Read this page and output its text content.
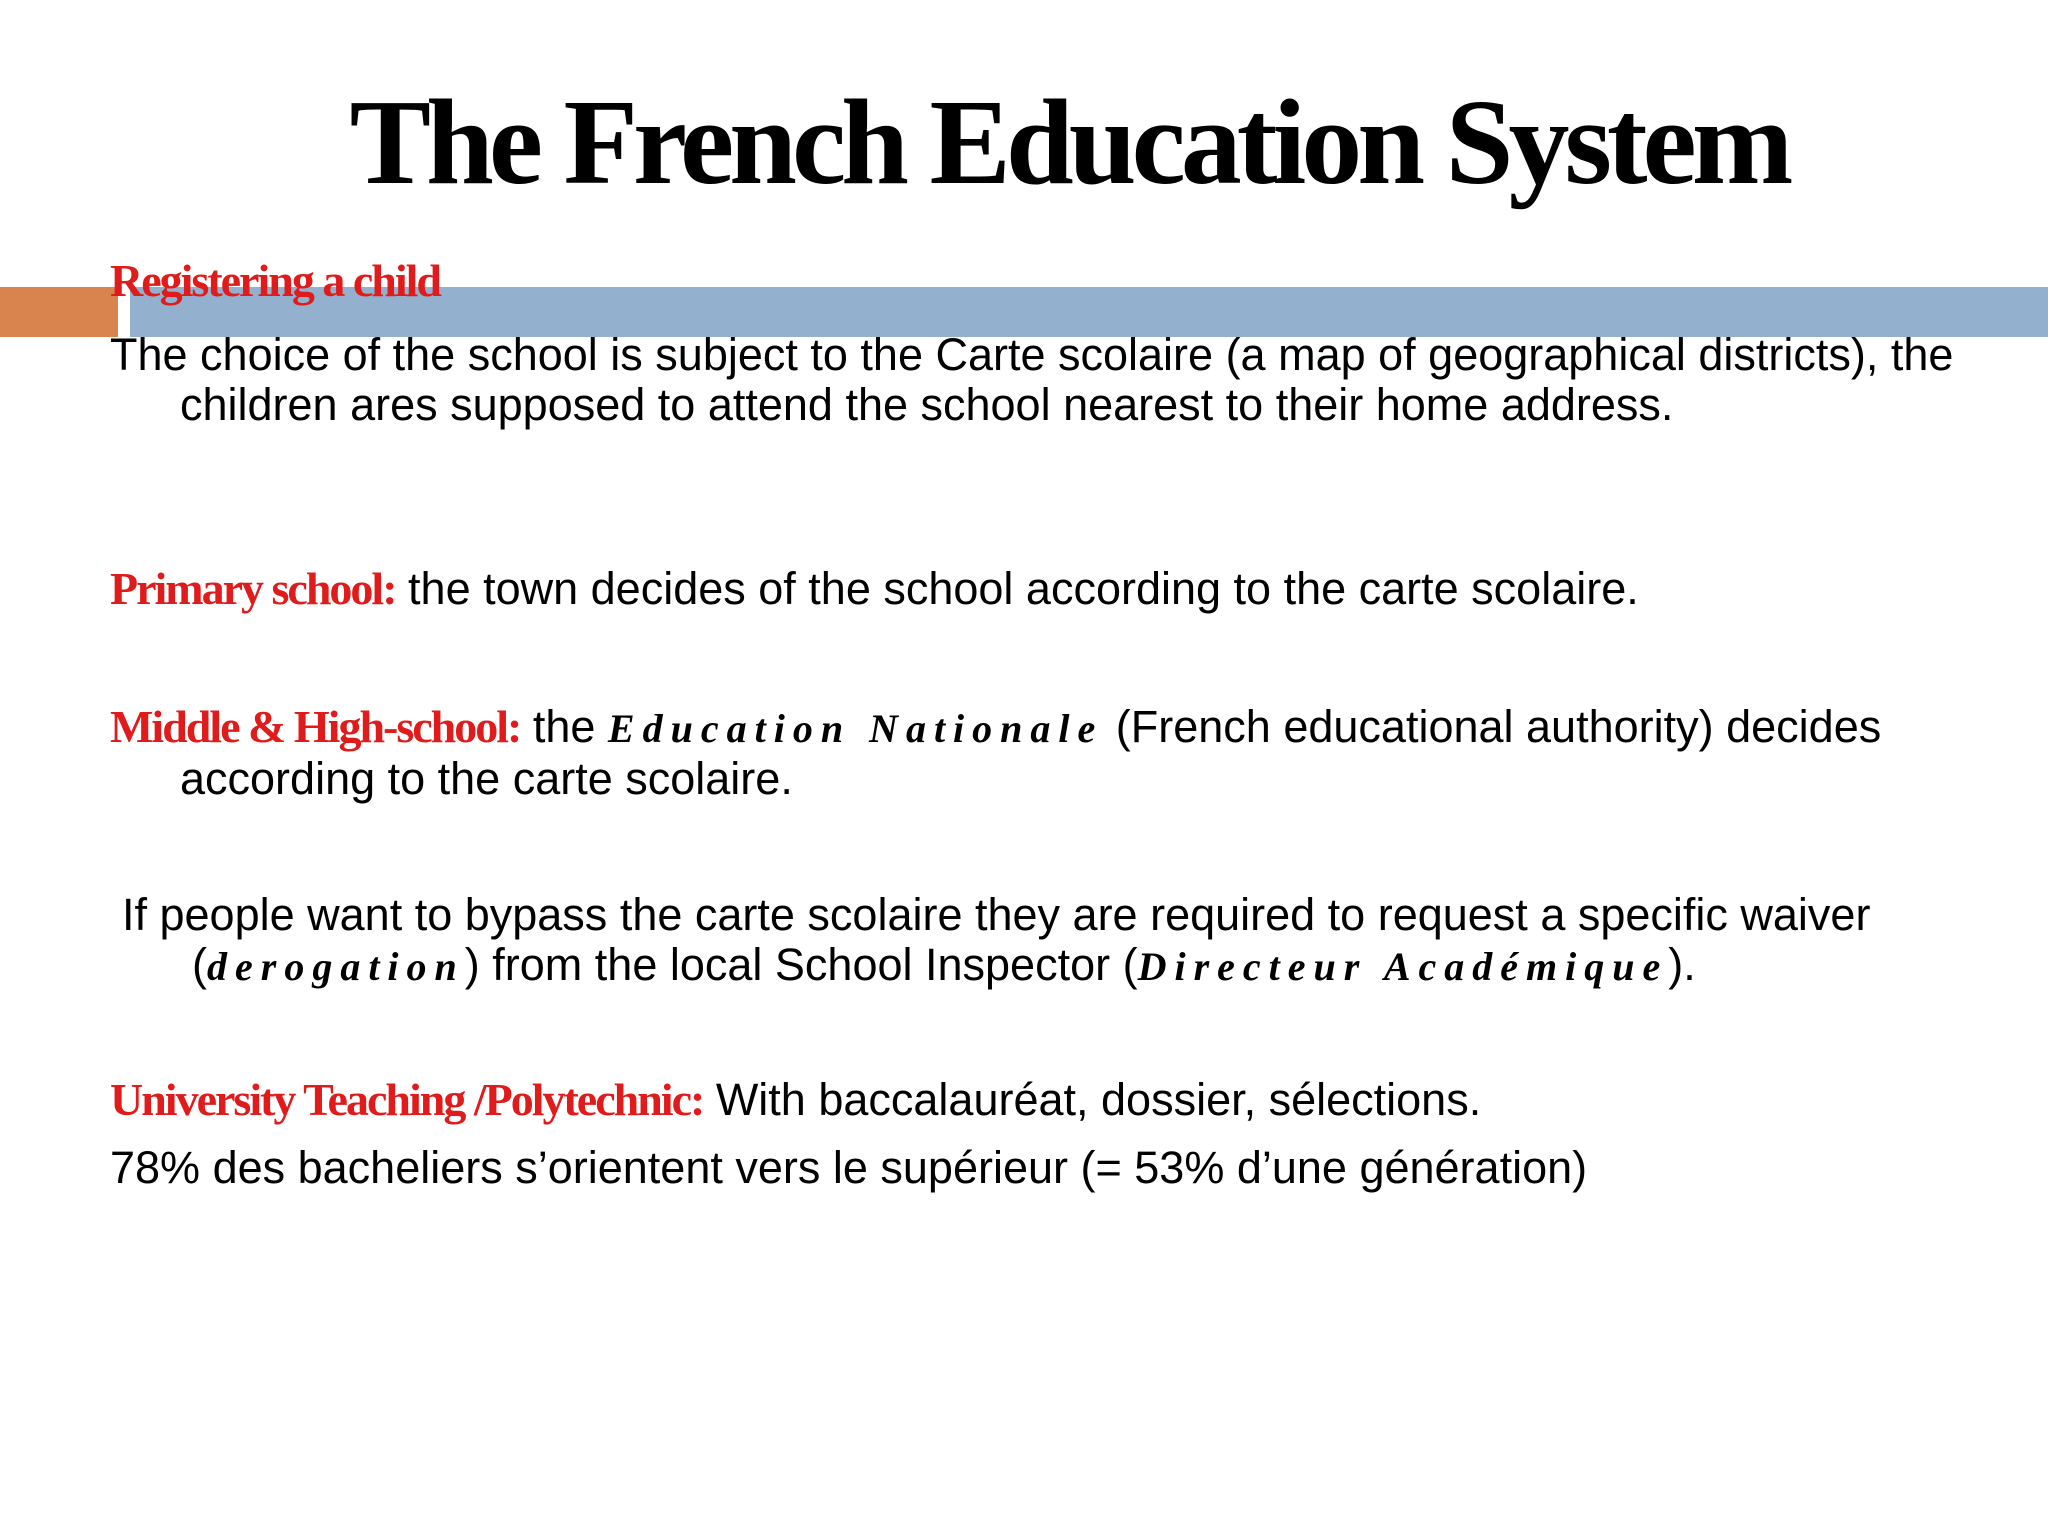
The French Education System
Registering a child

The choice of the school is subject to the Carte scolaire (a map of geographical districts), the children ares supposed to attend the school nearest to their home address.

Primary school: the town decides of the school according to the carte scolaire.

Middle & High-school: the Education Nationale (French educational authority) decides according to the carte scolaire.

If people want to bypass the carte scolaire they are required to request a specific waiver (derogation) from the local School Inspector (Directeur Académique).

University Teaching /Polytechnic: With baccalauréat, dossier, sélections.

78% des bacheliers s’orientent vers le supérieur (= 53% d’une génération)
